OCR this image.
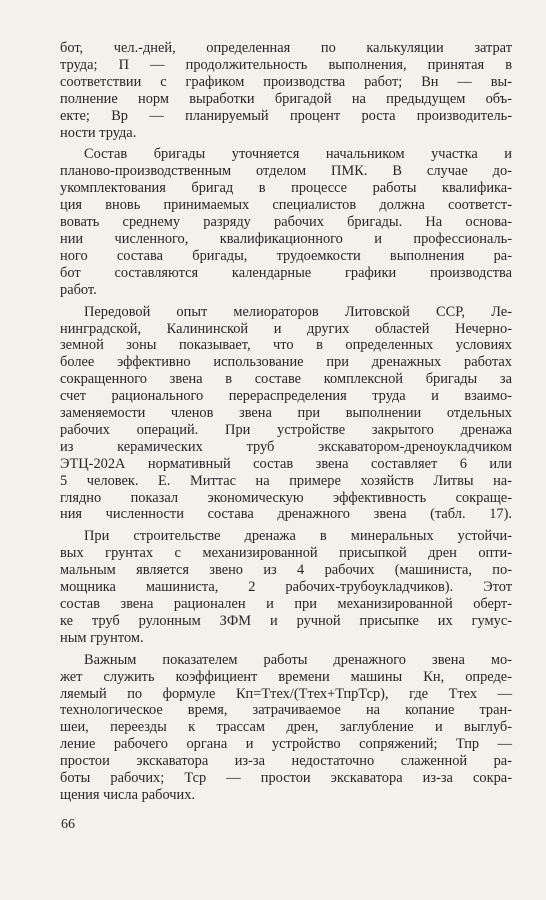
бот, чел.-дней, определенная по калькуляции затрат
труда; П — продолжительность выполнения, принятая в
соответствии с графиком производства работ; Вн — вы-
полнение норм выработки бригадой на предыдущем объ-
екте; Вр — планируемый процент роста производитель-
ности труда.
Состав бригады уточняется начальником участка и
планово-производственным отделом ПМК. В случае до-
укомплектования бригад в процессе работы квалифика-
ция вновь принимаемых специалистов должна соответст-
вовать среднему разряду рабочих бригады. На основа-
нии численного, квалификационного и профессиональ-
ного состава бригады, трудоемкости выполнения ра-
бот составляются календарные графики производства
работ.
Передовой опыт мелиораторов Литовской ССР, Ле-
нинградской, Калининской и других областей Нечерно-
земной зоны показывает, что в определенных условиях
более эффективно использование при дренажных работах
сокращенного звена в составе комплексной бригады за
счет рационального перераспределения труда и взаимо-
заменяемости членов звена при выполнении отдельных
рабочих операций. При устройстве закрытого дренажа
из керамических труб экскаватором-дреноукладчиком
ЭТЦ-202А нормативный состав звена составляет 6 или
5 человек. Е. Миттас на примере хозяйств Литвы на-
глядно показал экономическую эффективность сокраще-
ния численности состава дренажного звена (табл. 17).
При строительстве дренажа в минеральных устойчи-
вых грунтах с механизированной присыпкой дрен опти-
мальным является звено из 4 рабочих (машиниста, по-
мощника машиниста, 2 рабочих-трубоукладчиков). Этот
состав звена рационален и при механизированной оберт-
ке труб рулонным ЗФМ и ручной присыпке их гумус-
ным грунтом.
Важным показателем работы дренажного звена мо-
жет служить коэффициент времени машины Кн, опреде-
ляемый по формуле Кп=Ттех/(Ттех+ТпрТср), где Ттех —
технологическое время, затрачиваемое на копание тран-
шеи, переезды к трассам дрен, заглубление и выглуб-
ление рабочего органа и устройство сопряжений; Тпр —
простои экскаватора из-за недостаточно слаженной ра-
боты рабочих; Тср — простои экскаватора из-за сокра-
щения числа рабочих.
66
